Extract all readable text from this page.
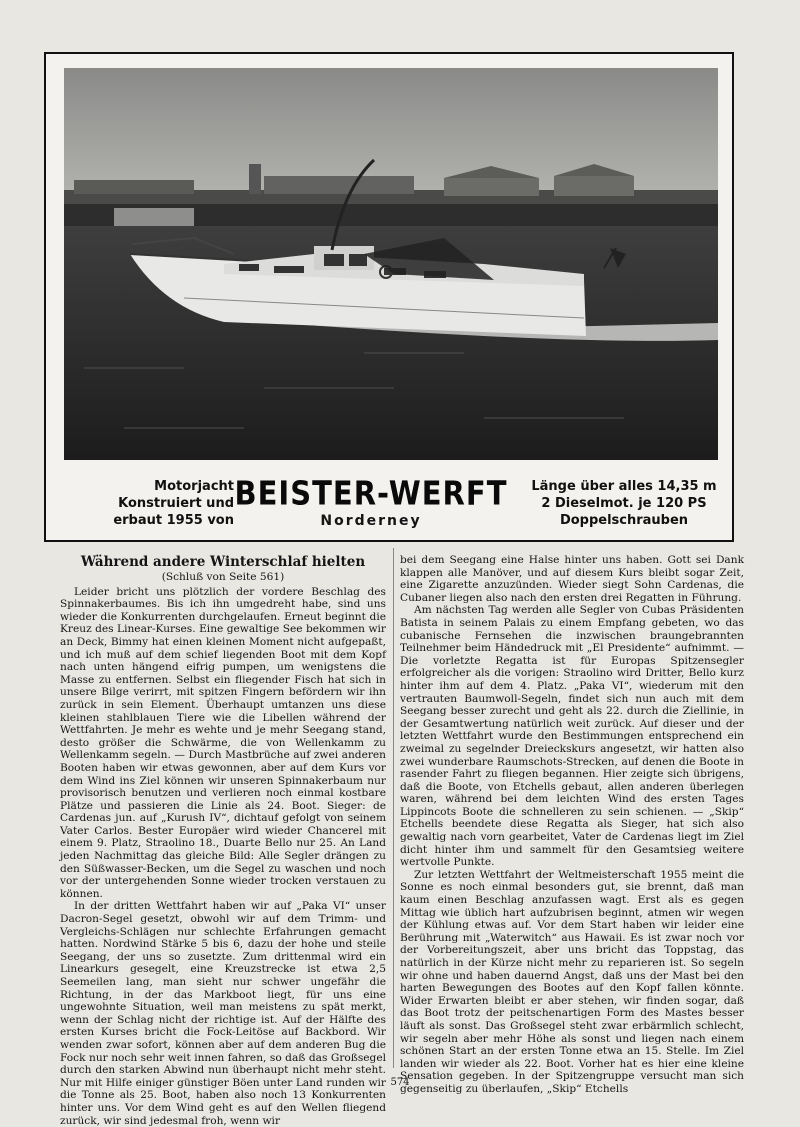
Motorjacht
Konstruiert und
erbaut 1955 von
BEISTER-WERFT
Norderney
Länge über alles 14,35 m
2 Dieselmot. je 120 PS
Doppelschrauben
Während andere Winterschlaf hielten
(Schluß von Seite 561)

Leider bricht uns plötzlich der vordere Beschlag des Spinnakerbaumes. Bis ich ihn umgedreht habe, sind uns wieder die Konkurrenten durchgelaufen. Erneut beginnt die Kreuz des Linear-Kurses. Eine gewaltige See bekommen wir an Deck, Bimmy hat einen kleinen Moment nicht aufgepaßt, und ich muß auf dem schief liegenden Boot mit dem Kopf nach unten hängend eifrig pumpen, um wenigstens die Masse zu entfernen. Selbst ein fliegender Fisch hat sich in unsere Bilge verirrt, mit spitzen Fingern befördern wir ihn zurück in sein Element. Überhaupt umtanzen uns diese kleinen stahlblauen Tiere wie die Libellen während der Wettfahrten. Je mehr es wehte und je mehr Seegang stand, desto größer die Schwärme, die von Wellenkamm zu Wellenkamm segeln. — Durch Mastbrüche auf zwei anderen Booten haben wir etwas gewonnen, aber auf dem Kurs vor dem Wind ins Ziel können wir unseren Spinnakerbaum nur provisorisch benutzen und verlieren noch einmal kostbare Plätze und passieren die Linie als 24. Boot. Sieger: de Cardenas jun. auf „Kurush IV“, dichtauf gefolgt von seinem Vater Carlos. Bester Europäer wird wieder Chancerel mit einem 9. Platz, Straolino 18., Duarte Bello nur 25. An Land jeden Nachmittag das gleiche Bild: Alle Segler drängen zu den Süßwasser-Becken, um die Segel zu waschen und noch vor der untergehenden Sonne wieder trocken verstauen zu können.

In der dritten Wettfahrt haben wir auf „Paka VI“ unser Dacron-Segel gesetzt, obwohl wir auf dem Trimm- und Vergleichs-Schlägen nur schlechte Erfahrungen gemacht hatten. Nordwind Stärke 5 bis 6, dazu der hohe und steile Seegang, der uns so zusetzte. Zum drittenmal wird ein Linearkurs gesegelt, eine Kreuzstrecke ist etwa 2,5 Seemeilen lang, man sieht nur schwer ungefähr die Richtung, in der das Markboot liegt, für uns eine ungewohnte Situation, weil man meistens zu spät merkt, wenn der Schlag nicht der richtige ist. Auf der Hälfte des ersten Kurses bricht die Fock-Leitöse auf Backbord. Wir wenden zwar sofort, können aber auf dem anderen Bug die Fock nur noch sehr weit innen fahren, so daß das Großsegel durch den starken Abwind nun überhaupt nicht mehr steht. Nur mit Hilfe einiger günstiger Böen unter Land runden wir die Tonne als 25. Boot, haben also noch 13 Konkurrenten hinter uns. Vor dem Wind geht es auf den Wellen fliegend zurück, wir sind jedesmal froh, wenn wir

bei dem Seegang eine Halse hinter uns haben. Gott sei Dank klappen alle Manöver, und auf diesem Kurs bleibt sogar Zeit, eine Zigarette anzuzünden. Wieder siegt Sohn Cardenas, die Cubaner liegen also nach den ersten drei Regatten in Führung.

Am nächsten Tag werden alle Segler von Cubas Präsidenten Batista in seinem Palais zu einem Empfang gebeten, wo das cubanische Fernsehen die inzwischen braungebrannten Teilnehmer beim Händedruck mit „El Presidente“ aufnimmt. — Die vorletzte Regatta ist für Europas Spitzensegler erfolgreicher als die vorigen: Straolino wird Dritter, Bello kurz hinter ihm auf dem 4. Platz. „Paka VI“, wiederum mit den vertrauten Baumwoll-Segeln, findet sich nun auch mit dem Seegang besser zurecht und geht als 22. durch die Ziellinie, in der Gesamtwertung natürlich weit zurück. Auf dieser und der letzten Wettfahrt wurde den Bestimmungen entsprechend ein zweimal zu segelnder Dreieckskurs angesetzt, wir hatten also zwei wunderbare Raumschots-Strecken, auf denen die Boote in rasender Fahrt zu fliegen begannen. Hier zeigte sich übrigens, daß die Boote, von Etchells gebaut, allen anderen überlegen waren, während bei dem leichten Wind des ersten Tages Lippincots Boote die schnelleren zu sein schienen. — „Skip“ Etchells beendete diese Regatta als Sieger, hat sich also gewaltig nach vorn gearbeitet, Vater de Cardenas liegt im Ziel dicht hinter ihm und sammelt für den Gesamtsieg weitere wertvolle Punkte.

Zur letzten Wettfahrt der Weltmeisterschaft 1955 meint die Sonne es noch einmal besonders gut, sie brennt, daß man kaum einen Beschlag anzufassen wagt. Erst als es gegen Mittag wie üblich hart aufzubrisen beginnt, atmen wir wegen der Kühlung etwas auf. Vor dem Start haben wir leider eine Berührung mit „Waterwitch“ aus Hawaii. Es ist zwar noch vor der Vorbereitungszeit, aber uns bricht das Toppstag, das natürlich in der Kürze nicht mehr zu reparieren ist. So segeln wir ohne und haben dauernd Angst, daß uns der Mast bei den harten Bewegungen des Bootes auf den Kopf fallen könnte. Wider Erwarten bleibt er aber stehen, wir finden sogar, daß das Boot trotz der peitschenartigen Form des Mastes besser läuft als sonst. Das Großsegel steht zwar erbärmlich schlecht, wir segeln aber mehr Höhe als sonst und liegen nach einem schönen Start an der ersten Tonne etwa an 15. Stelle. Im Ziel landen wir wieder als 22. Boot. Vorher hat es hier eine kleine Sensation gegeben. In der Spitzengruppe versucht man sich gegenseitig zu überlaufen, „Skip“ Etchells

574
